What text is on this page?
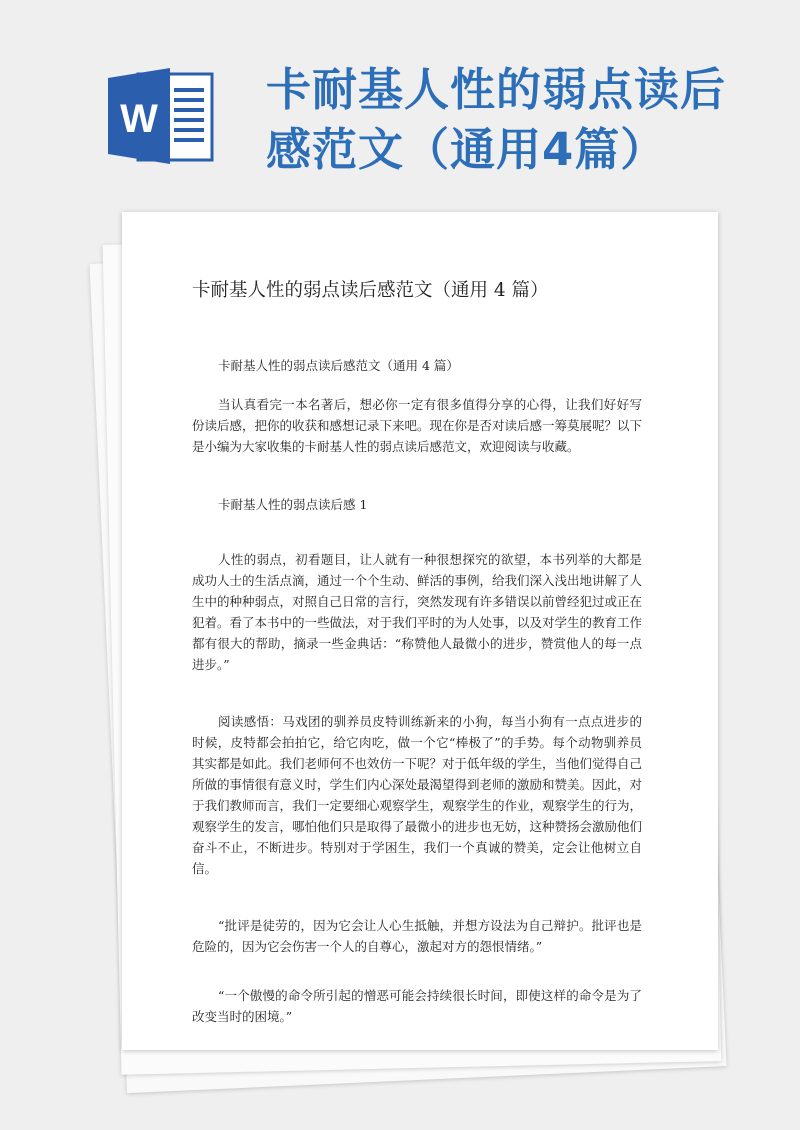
W
卡耐基人性的弱点读后
感范文（通用4篇）
卡耐基人性的弱点读后感范文（通用 4 篇）
卡耐基人性的弱点读后感范文（通用 4 篇）

当认真看完一本名著后，想必你一定有很多值得分享的心得，让我们好好写份读后感，把你的收获和感想记录下来吧。现在你是否对读后感一筹莫展呢？以下是小编为大家收集的卡耐基人性的弱点读后感范文，欢迎阅读与收藏。

卡耐基人性的弱点读后感 1

人性的弱点，初看题目，让人就有一种很想探究的欲望，本书列举的大都是成功人士的生活点滴，通过一个个生动、鲜活的事例，给我们深入浅出地讲解了人生中的种种弱点，对照自己日常的言行，突然发现有许多错误以前曾经犯过或正在犯着。看了本书中的一些做法，对于我们平时的为人处事，以及对学生的教育工作都有很大的帮助，摘录一些金典话：“称赞他人最微小的进步，赞赏他人的每一点进步。”

阅读感悟：马戏团的驯养员皮特训练新来的小狗，每当小狗有一点点进步的时候，皮特都会拍拍它，给它肉吃，做一个它“棒极了”的手势。每个动物驯养员其实都是如此。我们老师何不也效仿一下呢？对于低年级的学生，当他们觉得自己所做的事情很有意义时，学生们内心深处最渴望得到老师的激励和赞美。因此，对于我们教师而言，我们一定要细心观察学生，观察学生的作业，观察学生的行为，观察学生的发言，哪怕他们只是取得了最微小的进步也无妨，这种赞扬会激励他们奋斗不止，不断进步。特别对于学困生，我们一个真诚的赞美，定会让他树立自信。

“批评是徒劳的，因为它会让人心生抵触，并想方设法为自己辩护。批评也是危险的，因为它会伤害一个人的自尊心，激起对方的怨恨情绪。”

“一个傲慢的命令所引起的憎恶可能会持续很长时间，即使这样的命令是为了改变当时的困境。”
